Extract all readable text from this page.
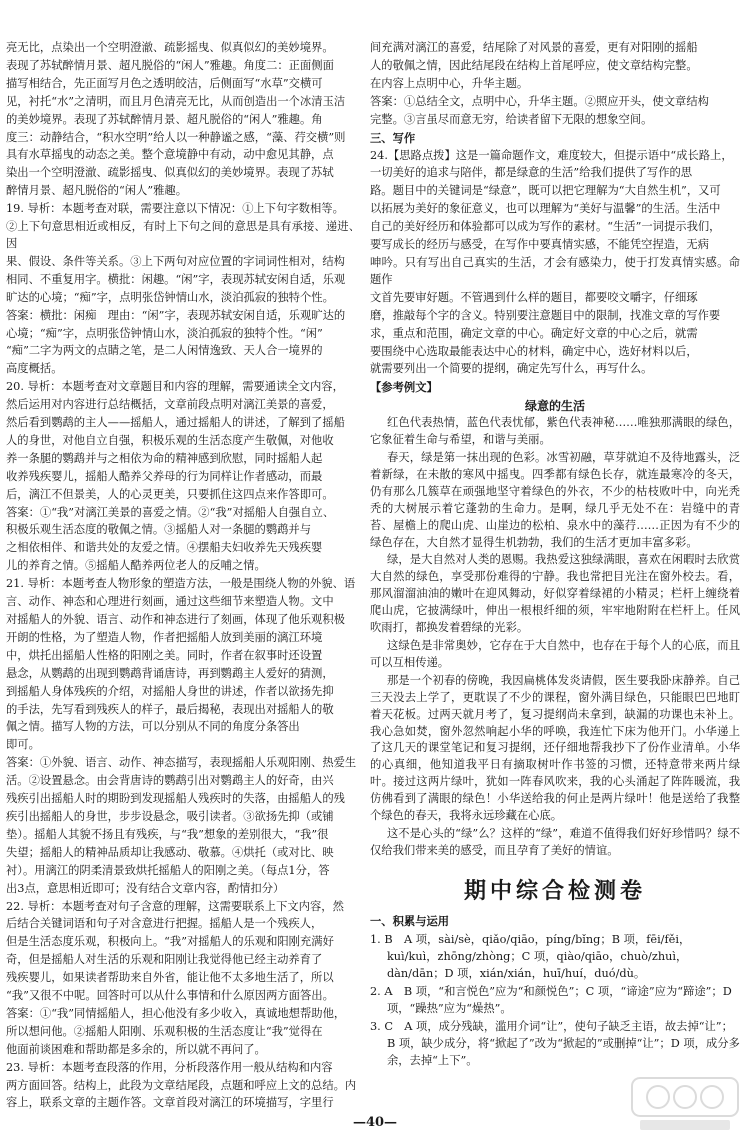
亮无比，点染出一个空明澄澈、疏影摇曳、似真似幻的美妙境界。

表现了苏轼醉情月景、超凡脱俗的“闲人”雅趣。角度二：正面侧面

描写相结合，先正面写月色之透明皎洁，后侧面写“水草”交横可

见，衬托“水”之清明，而且月色清亮无比，从而创造出一个冰清玉洁

的美妙境界。表现了苏轼醉情月景、超凡脱俗的“闲人”雅趣。角

度三：动静结合，“积水空明”给人以一种静谧之感，“藻、荇交横”则

具有水草摇曳的动态之美。整个意境静中有动，动中愈见其静，点

染出一个空明澄澈、疏影摇曳、似真似幻的美妙境界。表现了苏轼

醉情月景、超凡脱俗的“闲人”雅趣。

19. 导析：本题考查对联，需要注意以下情况：①上下句字数相等。

②上下句意思相近或相反，有时上下句之间的意思是具有承接、递进、因

果、假设、条件等关系。③上下两句对应位置的字词词性相对，结构

相同、不重复用字。横批：闲趣。“闲”字，表现苏轼安闲自适，乐观

旷达的心境；“痴”字，点明张岱钟情山水，淡泊孤寂的独特个性。

答案：横批：闲痴　理由：“闲”字，表现苏轼安闲自适，乐观旷达的

心境；“痴”字，点明张岱钟情山水，淡泊孤寂的独特个性。“闲”

“痴”二字为两文的点睛之笔，是二人闲情逸致、天人合一境界的

高度概括。

20. 导析：本题考查对文章题目和内容的理解，需要通读全文内容，

然后运用对内容进行总结概括，文章前段点明对漓江美景的喜爱，

然后看到鹦鹉的主人——摇船人，通过摇船人的讲述，了解到了摇船

人的身世，对他自立自强，积极乐观的生活态度产生敬佩，对他收

养一条腿的鹦鹉并与之相依为命的精神感到欣慰，同时摇船人起

收养残疾婴儿，摇船人酷养父养母的行为同样让作者感动，而最

后，漓江不但景美，人的心灵更美，只要抓住这四点来作答即可。

答案：①“我”对漓江美景的喜爱之情。②“我”对摇船人自强自立、

积极乐观生活态度的敬佩之情。③摇船人对一条腿的鹦鹉并与

之相依相伴、和谐共处的友爱之情。④摆船夫妇收养先天残疾婴

儿的养育之情。⑤摇船人酷养两位老人的反哺之情。

21. 导析：本题考查人物形象的塑造方法，一般是围绕人物的外貌、语

言、动作、神态和心理进行刻画，通过这些细节来塑造人物。文中

对摇船人的外貌、语言、动作和神态进行了刻画，体现了他乐观积极

开朗的性格，为了塑造人物，作者把摇船人放到美丽的漓江环境

中，烘托出摇船人性格的阳刚之美。同时，作者在叙事时还设置

悬念，从鹦鹉的出现到鹦鹉背诵唐诗，再到鹦鹉主人爱好的猜测，

到摇船人身体残疾的介绍，对摇船人身世的讲述，作者以欲扬先抑

的手法，先写看到残疾人的样子，最后揭秘，表现出对摇船人的敬

佩之情。描写人物的方法，可以分别从不同的角度分条答出

即可。

答案：①外貌、语言、动作、神态描写，表现摇船人乐观阳刚、热爱生

活。②设置悬念。由会背唐诗的鹦鹉引出对鹦鹉主人的好奇，由兴

残疾引出摇船人时的期盼到发现摇船人残疾时的失落，由摇船人的残

疾引出摇船人的身世，步步设悬念，吸引读者。③欲扬先抑（或铺

垫）。摇船人其貌不扬且有残疾，与“我”想象的差别很大，“我”很

失望；摇船人的精神品质却让我感动、敬慕。④烘托（或对比、映

衬）。用漓江的阴柔清景致烘托摇船人的阳刚之美。（每点1分，答

出3点，意思相近即可；没有结合文章内容，酌情扣分）

22. 导析：本题考查对句子含意的理解，这需要联系上下文内容，然

后结合关键词语和句子对含意进行把握。摇船人是一个残疾人，

但是生活态度乐观，积极向上。“我”对摇船人的乐观和阳刚充满好

奇，但是摇船人对生活的乐观和阳刚让我觉得他已经主动养育了

残疾婴儿，如果读者帮助来自外省，能让他不太多地生活了，所以

“我”又很不中呢。回答时可以从什么事情和什么原因两方面答出。

答案：①“我”同情摇船人，担心他没有多少收入，真诚地想帮助他，

所以想问他。②摇船人阳刚、乐观积极的生活态度让“我”觉得在

他面前谈困难和帮助都是多余的，所以就不再问了。

23. 导析：本题考查段落的作用，分析段落作用一般从结构和内容

两方面回答。结构上，此段为文章结尾段，点题和呼应上文的总结。内

容上，联系文章的主题作答。文章首段对漓江的环境描写，字里行

间充满对漓江的喜爱，结尾除了对风景的喜爱，更有对阳刚的摇船

人的敬佩之情，因此结尾段在结构上首尾呼应，使文章结构完整。

在内容上点明中心，升华主题。

答案：①总结全文，点明中心，升华主题。②照应开头，使文章结构

完整。③言虽尽而意无穷，给读者留下无限的想象空间。

三、写作

24.【思路点拨】这是一篇命题作文，难度较大，但提示语中“成长路上，

一切美好的追求与陪伴，都是绿意的生活”给我们提供了写作的思

路。题目中的关键词是“绿意”，既可以把它理解为“大自然生机”，又可

以拓展为美好的象征意义，也可以理解为“美好与温馨”的生活。生活中

自己的美好经历和体验都可以成为写作的素材。“生活”一词提示我们，

要写成长的经历与感受，在写作中要真情实感，不能凭空捏造，无病

呻吟。只有写出自己真实的生活，才会有感染力，使于打发真情实感。命题作

文首先要审好题。不管遇到什么样的题目，都要咬文嚼字，仔细琢

磨，推敲每个字的含义。特别要注意题目中的限制，找准文章的写作要

求，重点和范围，确定文章的中心。确定好文章的中心之后，就需

要围绕中心选取最能表达中心的材料，确定中心，选好材料以后，

就需要列出一个简要的提纲，确定先写什么，再写什么。

【参考例文】

绿意的生活

红色代表热情，蓝色代表忧郁，紫色代表神秘……唯独那满眼的绿色，它象征着生命与希望，和谐与美丽。

春天，绿是第一抹出现的色彩。冰雪初融，草芽就迫不及待地露头，泛着新绿，在未散的寒风中摇曳。四季都有绿色长存，就连最寒冷的冬天，仍有那么几簇草在顽强地坚守着绿色的外衣，不少的枯枝败叶中，向光秃秃的大树展示着它蓬勃的生命力。是啊，绿几乎无处不在：岩缝中的青苔、屋檐上的爬山虎、山崖边的松柏、泉水中的藻荇……正因为有不少的绿色存在，大自然才显得生机勃勃，我们的生活才更加丰富多彩。

绿，是大自然对人类的恩赐。我热爱这独绿满眼，喜欢在闲暇时去欣赏大自然的绿色，享受那份难得的宁静。我也常把目光注在窗外校去。看，那风溜溜油油的嫩叶在迎风舞动，好似穿着绿裙的小精灵；栏杆上缠绕着爬山虎，它披满绿叶，伸出一根根纤细的须，牢牢地附附在栏杆上。任风吹雨打，都换发着碧绿的光彩。

这绿色是非常奥妙，它存在于大自然中，也存在于每个人的心底，而且可以互相传递。

那是一个初春的傍晚，我因扁桃体发炎请假，医生要我卧床静养。自己三天没去上学了，更耽误了不少的课程，窗外满目绿色，只能眼巴巴地盯着天花板。过两天就月考了，复习提纲尚未拿到，缺漏的功课也未补上。我心急如焚，窗外忽然响起小华的呼唤，我连忙下床为他开门。小华递上了这几天的课堂笔记和复习提纲，还仔细地帮我抄下了份作业清单。小华的心真细，他知道我平日有摘取树叶作书签的习惯，还特意带来两片绿叶。接过这两片绿叶，犹如一阵春风吹来，我的心头涌起了阵阵暖流，我仿佛看到了满眼的绿色！小华送给我的何止是两片绿叶！他是送给了我整个绿色的春天，我将永远珍藏在心底。

这不是心头的“绿”么？这样的“绿”，难道不值得我们好好珍惜吗？绿不仅给我们带来美的感受，而且孕育了美好的情谊。

期中综合检测卷

一、积累与运用

1. B　A 项，sài/sè，qiǎo/qiāo，píng/bǐng；B 项，fēi/fěi，kuì/kuì，zhōng/zhòng；C 项，qiào/qiāo，chuò/zhuì，dàn/dān；D 项，xián/xián，huī/huí，duó/dù。

2. A　B 项，“和言悦色”应为“和颜悦色”；C 项，“谛途”应为“蹄途”；D 项，“躁热”应为“燥热”。

3. C　A 项，成分残缺，滥用介词“让”，使句子缺乏主语，故去掉“让”；B 项，缺少成分，将“掀起了”改为“掀起的”或删掉“让”；D 项，成分多余，去掉“上下”。

—40—
